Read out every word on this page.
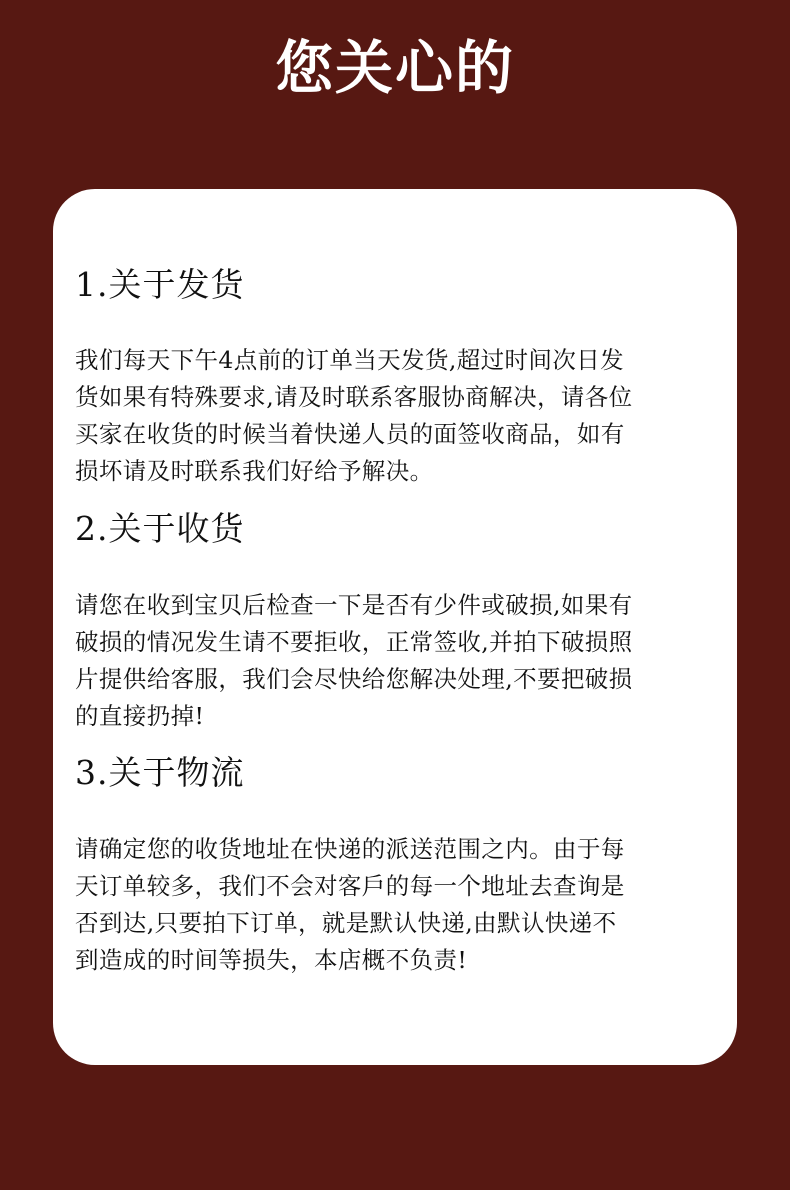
您关心的
1.关于发货
我们每天下午4点前的订单当天发货,超过时间次日发
货如果有特殊要求,请及时联系客服协商解决，请各位
买家在收货的时候当着快递人员的面签收商品，如有
损坏请及时联系我们好给予解决。
2.关于收货
请您在收到宝贝后检查一下是否有少件或破损,如果有
破损的情况发生请不要拒收，正常签收,并拍下破损照
片提供给客服，我们会尽快给您解决处理,不要把破损
的直接扔掉!
3.关于物流
请确定您的收货地址在快递的派送范围之内。由于每
天订单较多，我们不会对客戶的每一个地址去查询是
否到达,只要拍下订单，就是默认快递,由默认快递不
到造成的时间等损失，本店概不负责!
